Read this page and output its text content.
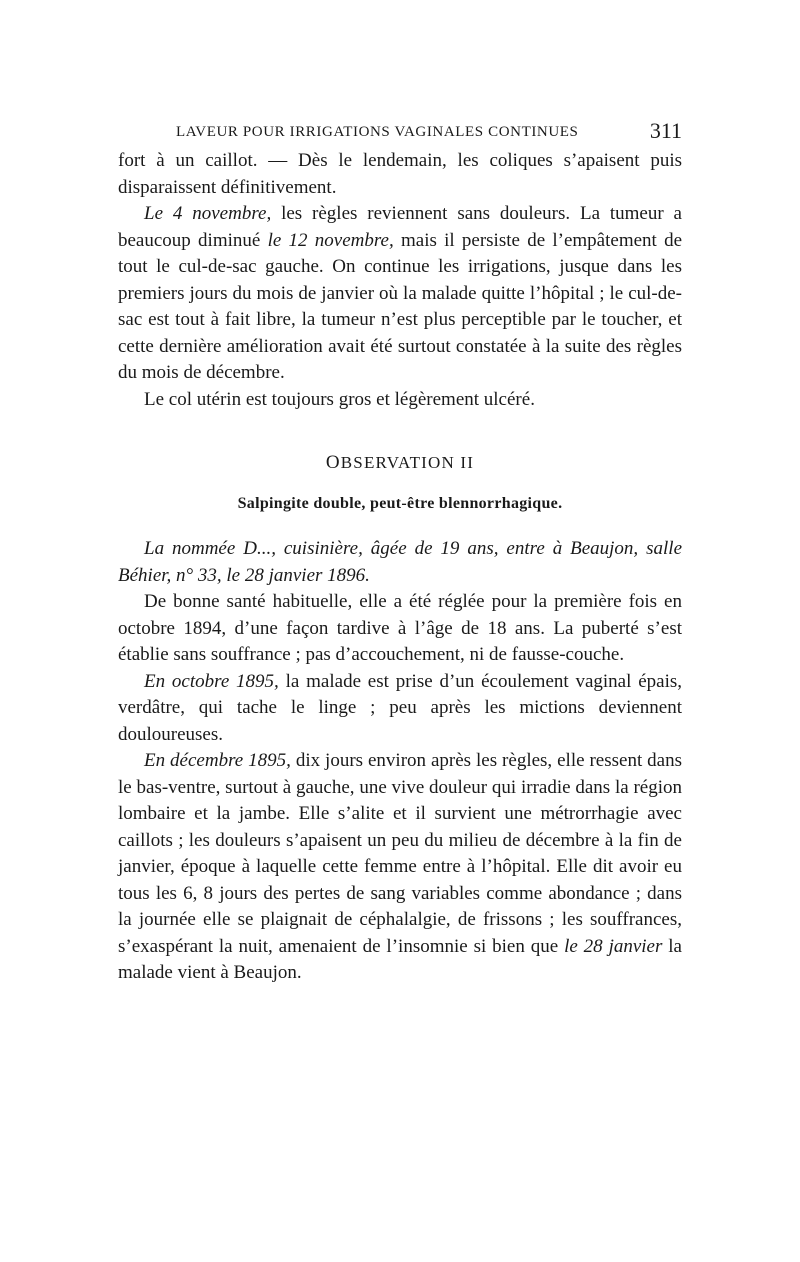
LAVEUR POUR IRRIGATIONS VAGINALES CONTINUES	311

fort à un caillot. — Dès le lendemain, les coliques s’apaisent puis disparaissent définitivement.

Le 4 novembre, les règles reviennent sans douleurs. La tumeur a beaucoup diminué le 12 novembre, mais il persiste de l’empâtement de tout le cul-de-sac gauche. On continue les irrigations, jusque dans les premiers jours du mois de janvier où la malade quitte l’hôpital ; le cul-de-sac est tout à fait libre, la tumeur n’est plus perceptible par le toucher, et cette dernière amélioration avait été surtout constatée à la suite des règles du mois de décembre.

Le col utérin est toujours gros et légèrement ulcéré.

OBSERVATION II

Salpingite double, peut-être blennorrhagique.

La nommée D..., cuisinière, âgée de 19 ans, entre à Beaujon, salle Béhier, n° 33, le 28 janvier 1896.

De bonne santé habituelle, elle a été réglée pour la première fois en octobre 1894, d’une façon tardive à l’âge de 18 ans. La puberté s’est établie sans souffrance ; pas d’accouchement, ni de fausse-couche.

En octobre 1895, la malade est prise d’un écoulement vaginal épais, verdâtre, qui tache le linge ; peu après les mictions deviennent douloureuses.

En décembre 1895, dix jours environ après les règles, elle ressent dans le bas-ventre, surtout à gauche, une vive douleur qui irradie dans la région lombaire et la jambe. Elle s’alite et il survient une métrorrhagie avec caillots ; les douleurs s’apaisent un peu du milieu de décembre à la fin de janvier, époque à laquelle cette femme entre à l’hôpital. Elle dit avoir eu tous les 6, 8 jours des pertes de sang variables comme abondance ; dans la journée elle se plaignait de céphalalgie, de frissons ; les souffrances, s’exaspérant la nuit, amenaient de l’insomnie si bien que le 28 janvier la malade vient à Beaujon.
